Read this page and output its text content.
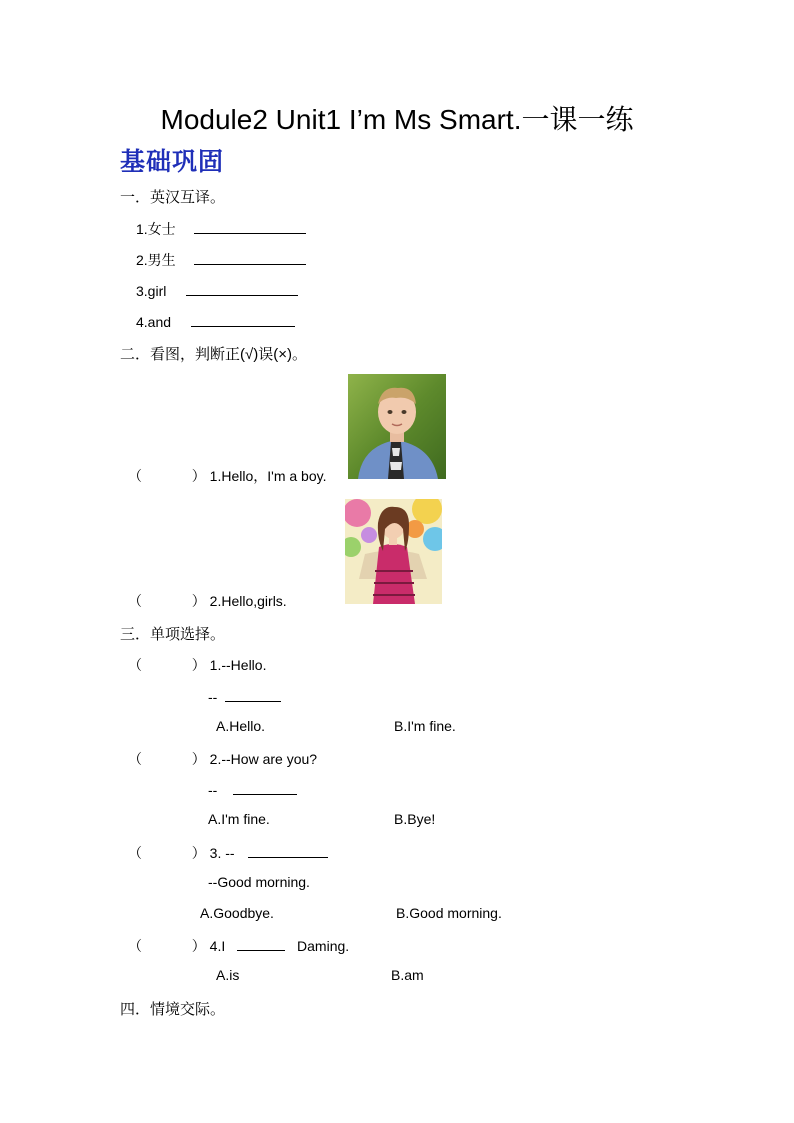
Module2 Unit1 I’m Ms Smart.一课一练
基础巩固
一．英汉互译。
1.女士
2.男生
3.girl
4.and
二．看图，判断正(√)误(×)。
（	） 1.Hello，I'm a boy.
（	） 2.Hello,girls.
三．单项选择。
（	） 1.--Hello.
--
A.Hello.	B.I'm fine.
（	） 2.--How are you?
--
A.I'm fine.	B.Bye!
（	） 3. --
--Good morning.
A.Goodbye.	B.Good morning.
（	） 4.I	Daming.
A.is	B.am
四．情境交际。
